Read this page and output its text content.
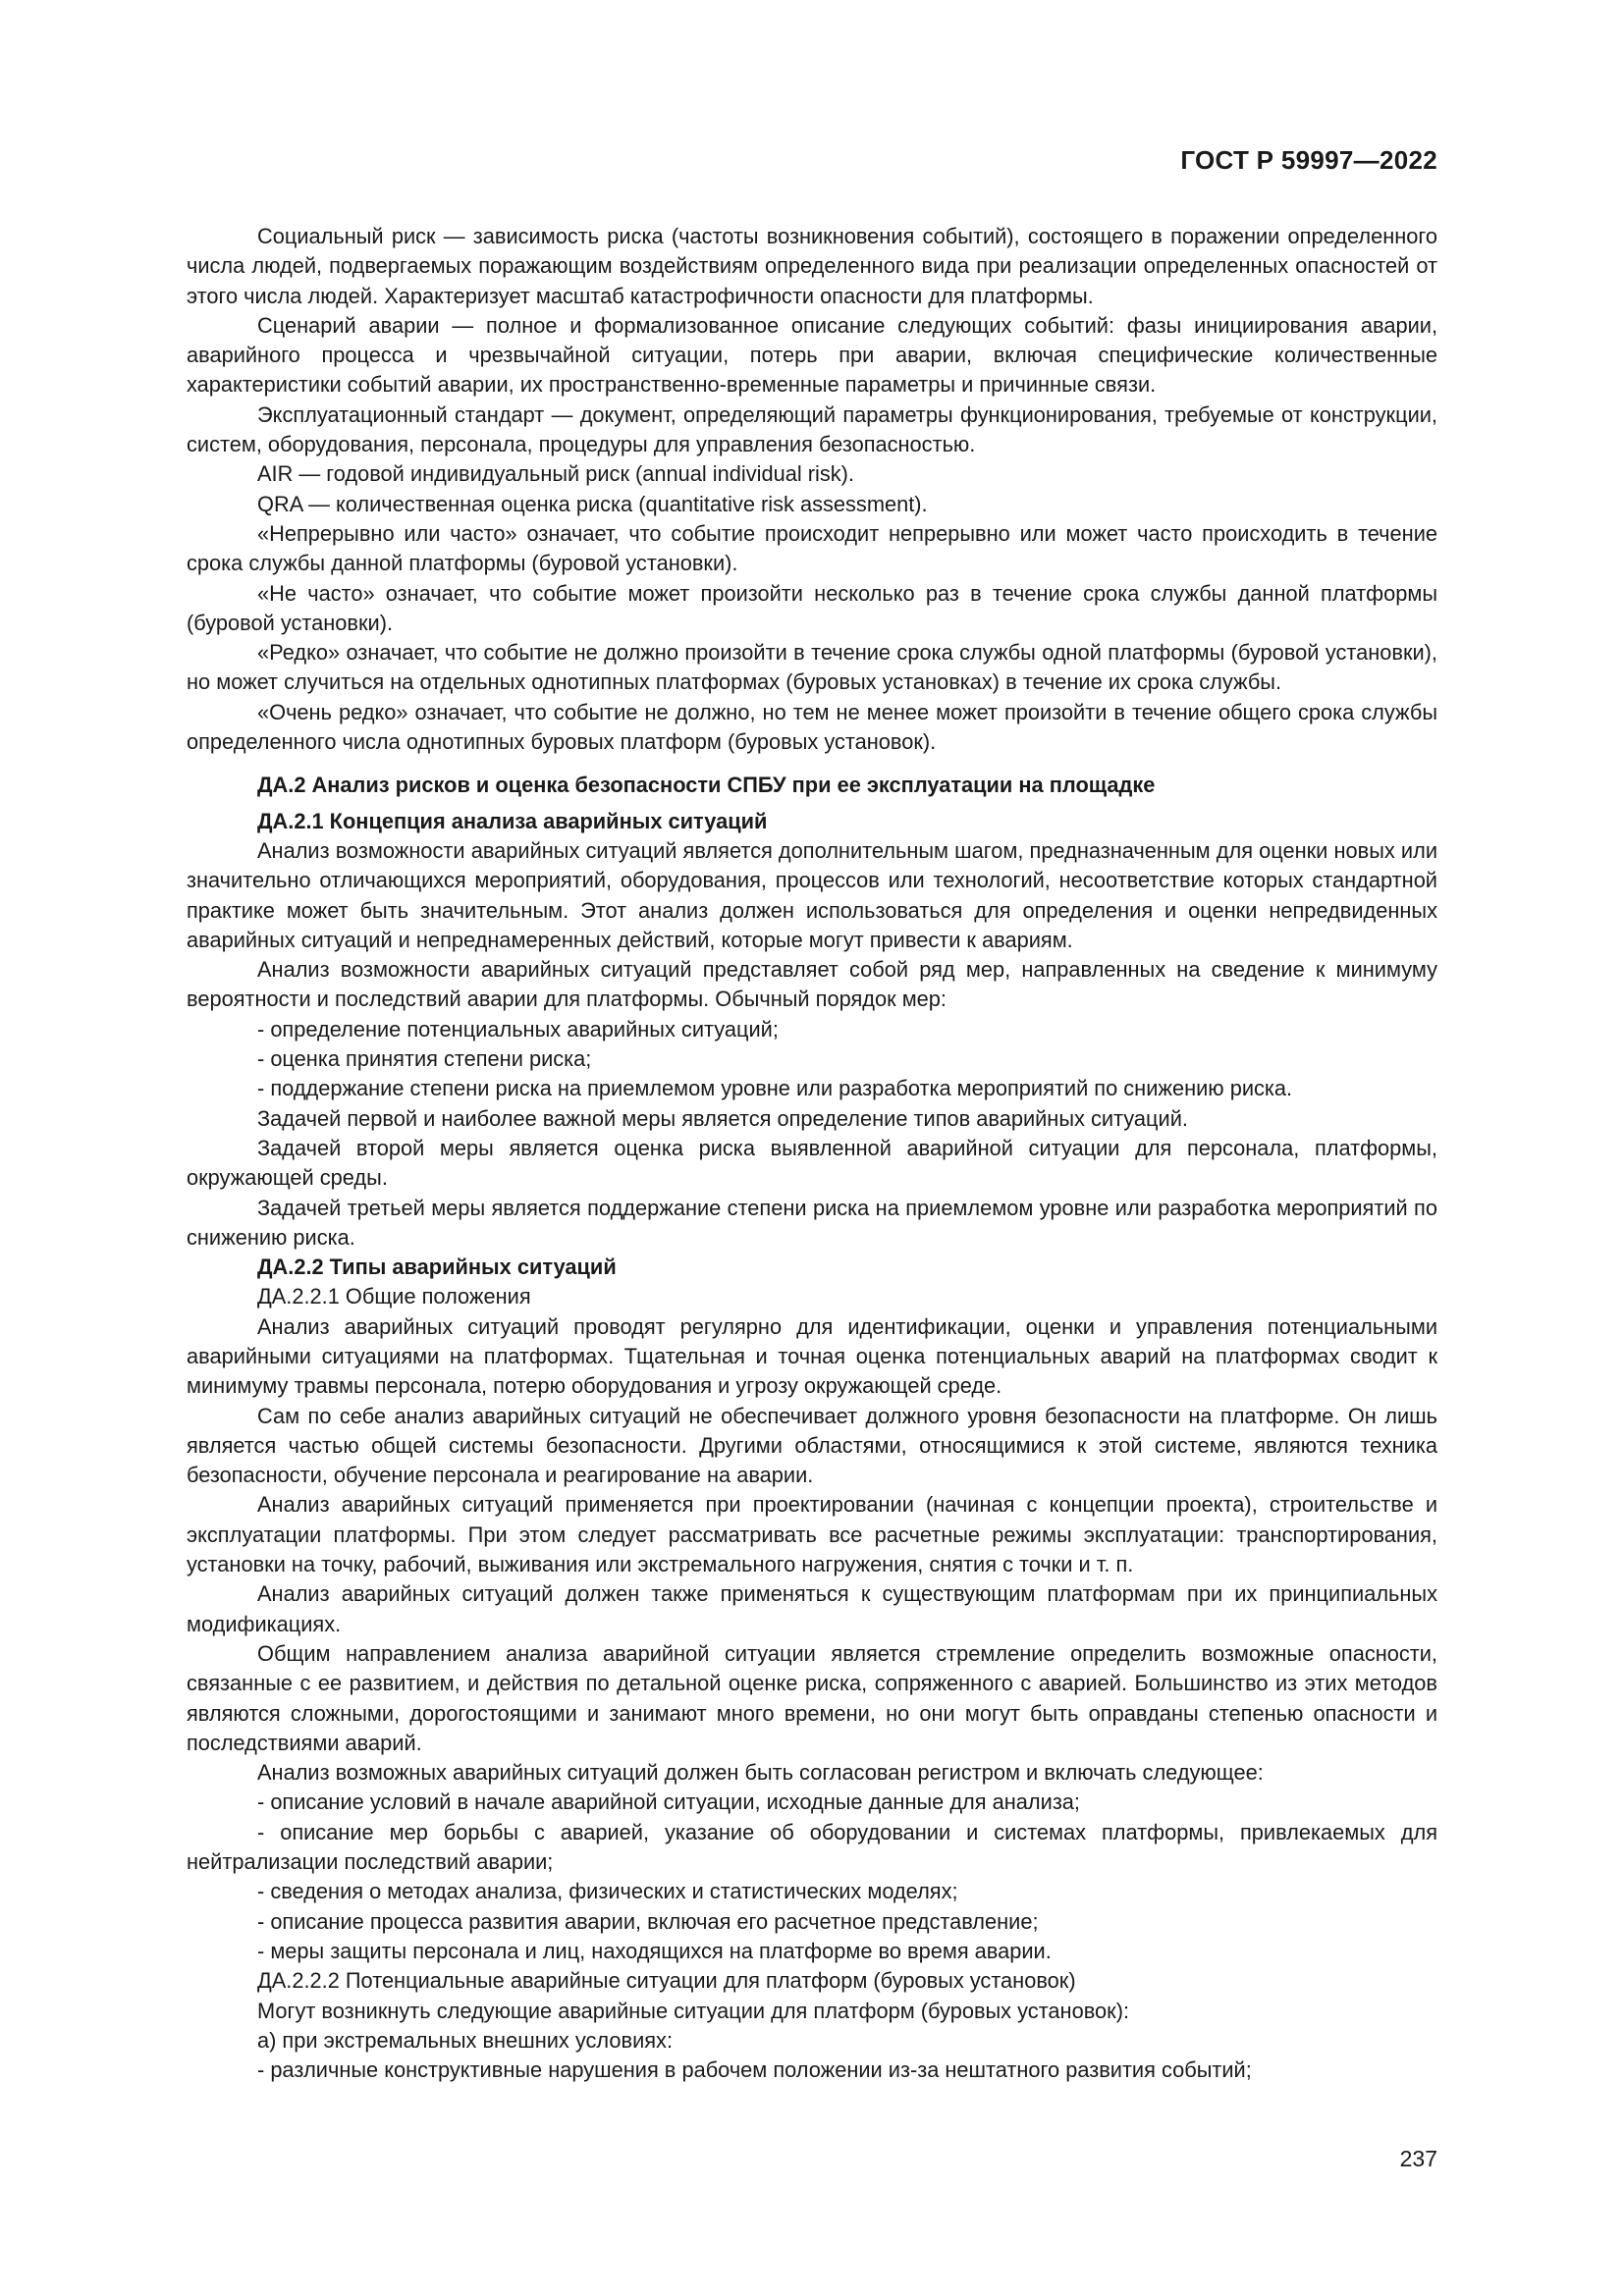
ГОСТ Р 59997—2022

Социальный риск — зависимость риска (частоты возникновения событий), состоящего в поражении определенного числа людей, подвергаемых поражающим воздействиям определенного вида при реализации определенных опасностей от этого числа людей. Характеризует масштаб катастрофичности опасности для платформы.

Сценарий аварии — полное и формализованное описание следующих событий: фазы инициирования аварии, аварийного процесса и чрезвычайной ситуации, потерь при аварии, включая специфические количественные характеристики событий аварии, их пространственно-временные параметры и причинные связи.

Эксплуатационный стандарт — документ, определяющий параметры функционирования, требуемые от конструкции, систем, оборудования, персонала, процедуры для управления безопасностью.

AIR — годовой индивидуальный риск (annual individual risk).

QRA — количественная оценка риска (quantitative risk assessment).

«Непрерывно или часто» означает, что событие происходит непрерывно или может часто происходить в течение срока службы данной платформы (буровой установки).

«Не часто» означает, что событие может произойти несколько раз в течение срока службы данной платформы (буровой установки).

«Редко» означает, что событие не должно произойти в течение срока службы одной платформы (буровой установки), но может случиться на отдельных однотипных платформах (буровых установках) в течение их срока службы.

«Очень редко» означает, что событие не должно, но тем не менее может произойти в течение общего срока службы определенного числа однотипных буровых платформ (буровых установок).

ДА.2 Анализ рисков и оценка безопасности СПБУ при ее эксплуатации на площадке

ДА.2.1 Концепция анализа аварийных ситуаций

Анализ возможности аварийных ситуаций является дополнительным шагом, предназначенным для оценки новых или значительно отличающихся мероприятий, оборудования, процессов или технологий, несоответствие которых стандартной практике может быть значительным. Этот анализ должен использоваться для определения и оценки непредвиденных аварийных ситуаций и непреднамеренных действий, которые могут привести к авариям.

Анализ возможности аварийных ситуаций представляет собой ряд мер, направленных на сведение к минимуму вероятности и последствий аварии для платформы. Обычный порядок мер:

- определение потенциальных аварийных ситуаций;

- оценка принятия степени риска;

- поддержание степени риска на приемлемом уровне или разработка мероприятий по снижению риска.

Задачей первой и наиболее важной меры является определение типов аварийных ситуаций.

Задачей второй меры является оценка риска выявленной аварийной ситуации для персонала, платформы, окружающей среды.

Задачей третьей меры является поддержание степени риска на приемлемом уровне или разработка мероприятий по снижению риска.

ДА.2.2 Типы аварийных ситуаций

ДА.2.2.1 Общие положения

Анализ аварийных ситуаций проводят регулярно для идентификации, оценки и управления потенциальными аварийными ситуациями на платформах. Тщательная и точная оценка потенциальных аварий на платформах сводит к минимуму травмы персонала, потерю оборудования и угрозу окружающей среде.

Сам по себе анализ аварийных ситуаций не обеспечивает должного уровня безопасности на платформе. Он лишь является частью общей системы безопасности. Другими областями, относящимися к этой системе, являются техника безопасности, обучение персонала и реагирование на аварии.

Анализ аварийных ситуаций применяется при проектировании (начиная с концепции проекта), строительстве и эксплуатации платформы. При этом следует рассматривать все расчетные режимы эксплуатации: транспортирования, установки на точку, рабочий, выживания или экстремального нагружения, снятия с точки и т. п.

Анализ аварийных ситуаций должен также применяться к существующим платформам при их принципиальных модификациях.

Общим направлением анализа аварийной ситуации является стремление определить возможные опасности, связанные с ее развитием, и действия по детальной оценке риска, сопряженного с аварией. Большинство из этих методов являются сложными, дорогостоящими и занимают много времени, но они могут быть оправданы степенью опасности и последствиями аварий.

Анализ возможных аварийных ситуаций должен быть согласован регистром и включать следующее:

- описание условий в начале аварийной ситуации, исходные данные для анализа;

- описание мер борьбы с аварией, указание об оборудовании и системах платформы, привлекаемых для нейтрализации последствий аварии;

- сведения о методах анализа, физических и статистических моделях;

- описание процесса развития аварии, включая его расчетное представление;

- меры защиты персонала и лиц, находящихся на платформе во время аварии.

ДА.2.2.2 Потенциальные аварийные ситуации для платформ (буровых установок)

Могут возникнуть следующие аварийные ситуации для платформ (буровых установок):

а) при экстремальных внешних условиях:

- различные конструктивные нарушения в рабочем положении из-за нештатного развития событий;

237
